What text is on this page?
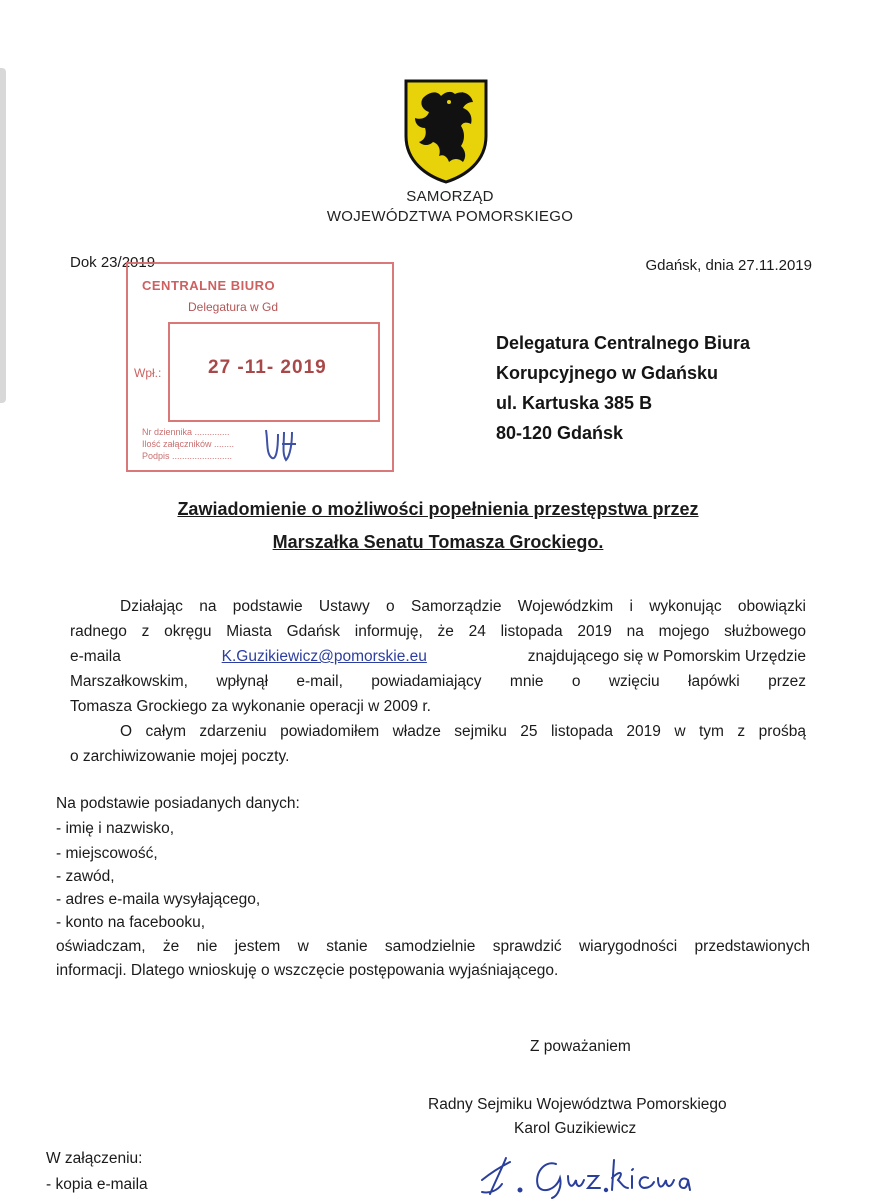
SAMORZĄD
WOJEWÓDZTWA POMORSKIEGO
Dok 23/2019	Gdańsk, dnia 27.11.2019
CENTRALNE BIURO
Delegatura w Gd
Wpł.: 27 -11- 2019
Nr dziennika ..............
Ilość załączników ........
Podpis ........................
Delegatura Centralnego Biura
Korupcyjnego w Gdańsku
ul. Kartuska 385 B
80-120 Gdańsk
Zawiadomienie o możliwości popełnienia przestępstwa przez
Marszałka Senatu Tomasza Grockiego.
Działając na podstawie Ustawy o Samorządzie Wojewódzkim i wykonując obowiązki
radnego z okręgu Miasta Gdańsk informuję, że 24 listopada 2019 na mojego służbowego
e-maila	K.Guzikiewicz@pomorskie.eu	znajdującego się w Pomorskim Urzędzie
Marszałkowskim, wpłynął e-mail, powiadamiający mnie o wzięciu łapówki przez
Tomasza Grockiego za wykonanie operacji w 2009 r.
O całym zdarzeniu powiadomiłem władze sejmiku 25 listopada 2019 w tym z prośbą
o zarchiwizowanie mojej poczty.
Na podstawie posiadanych danych:
- imię i nazwisko,
- miejscowość,
- zawód,
- adres e-maila wysyłającego,
- konto na facebooku,
oświadczam, że nie jestem w stanie samodzielnie sprawdzić wiarygodności przedstawionych
informacji. Dlatego wnioskuję o wszczęcie postępowania wyjaśniającego.
Z poważaniem
Radny Sejmiku Województwa Pomorskiego
Karol Guzikiewicz
W załączeniu:
- kopia e-maila
